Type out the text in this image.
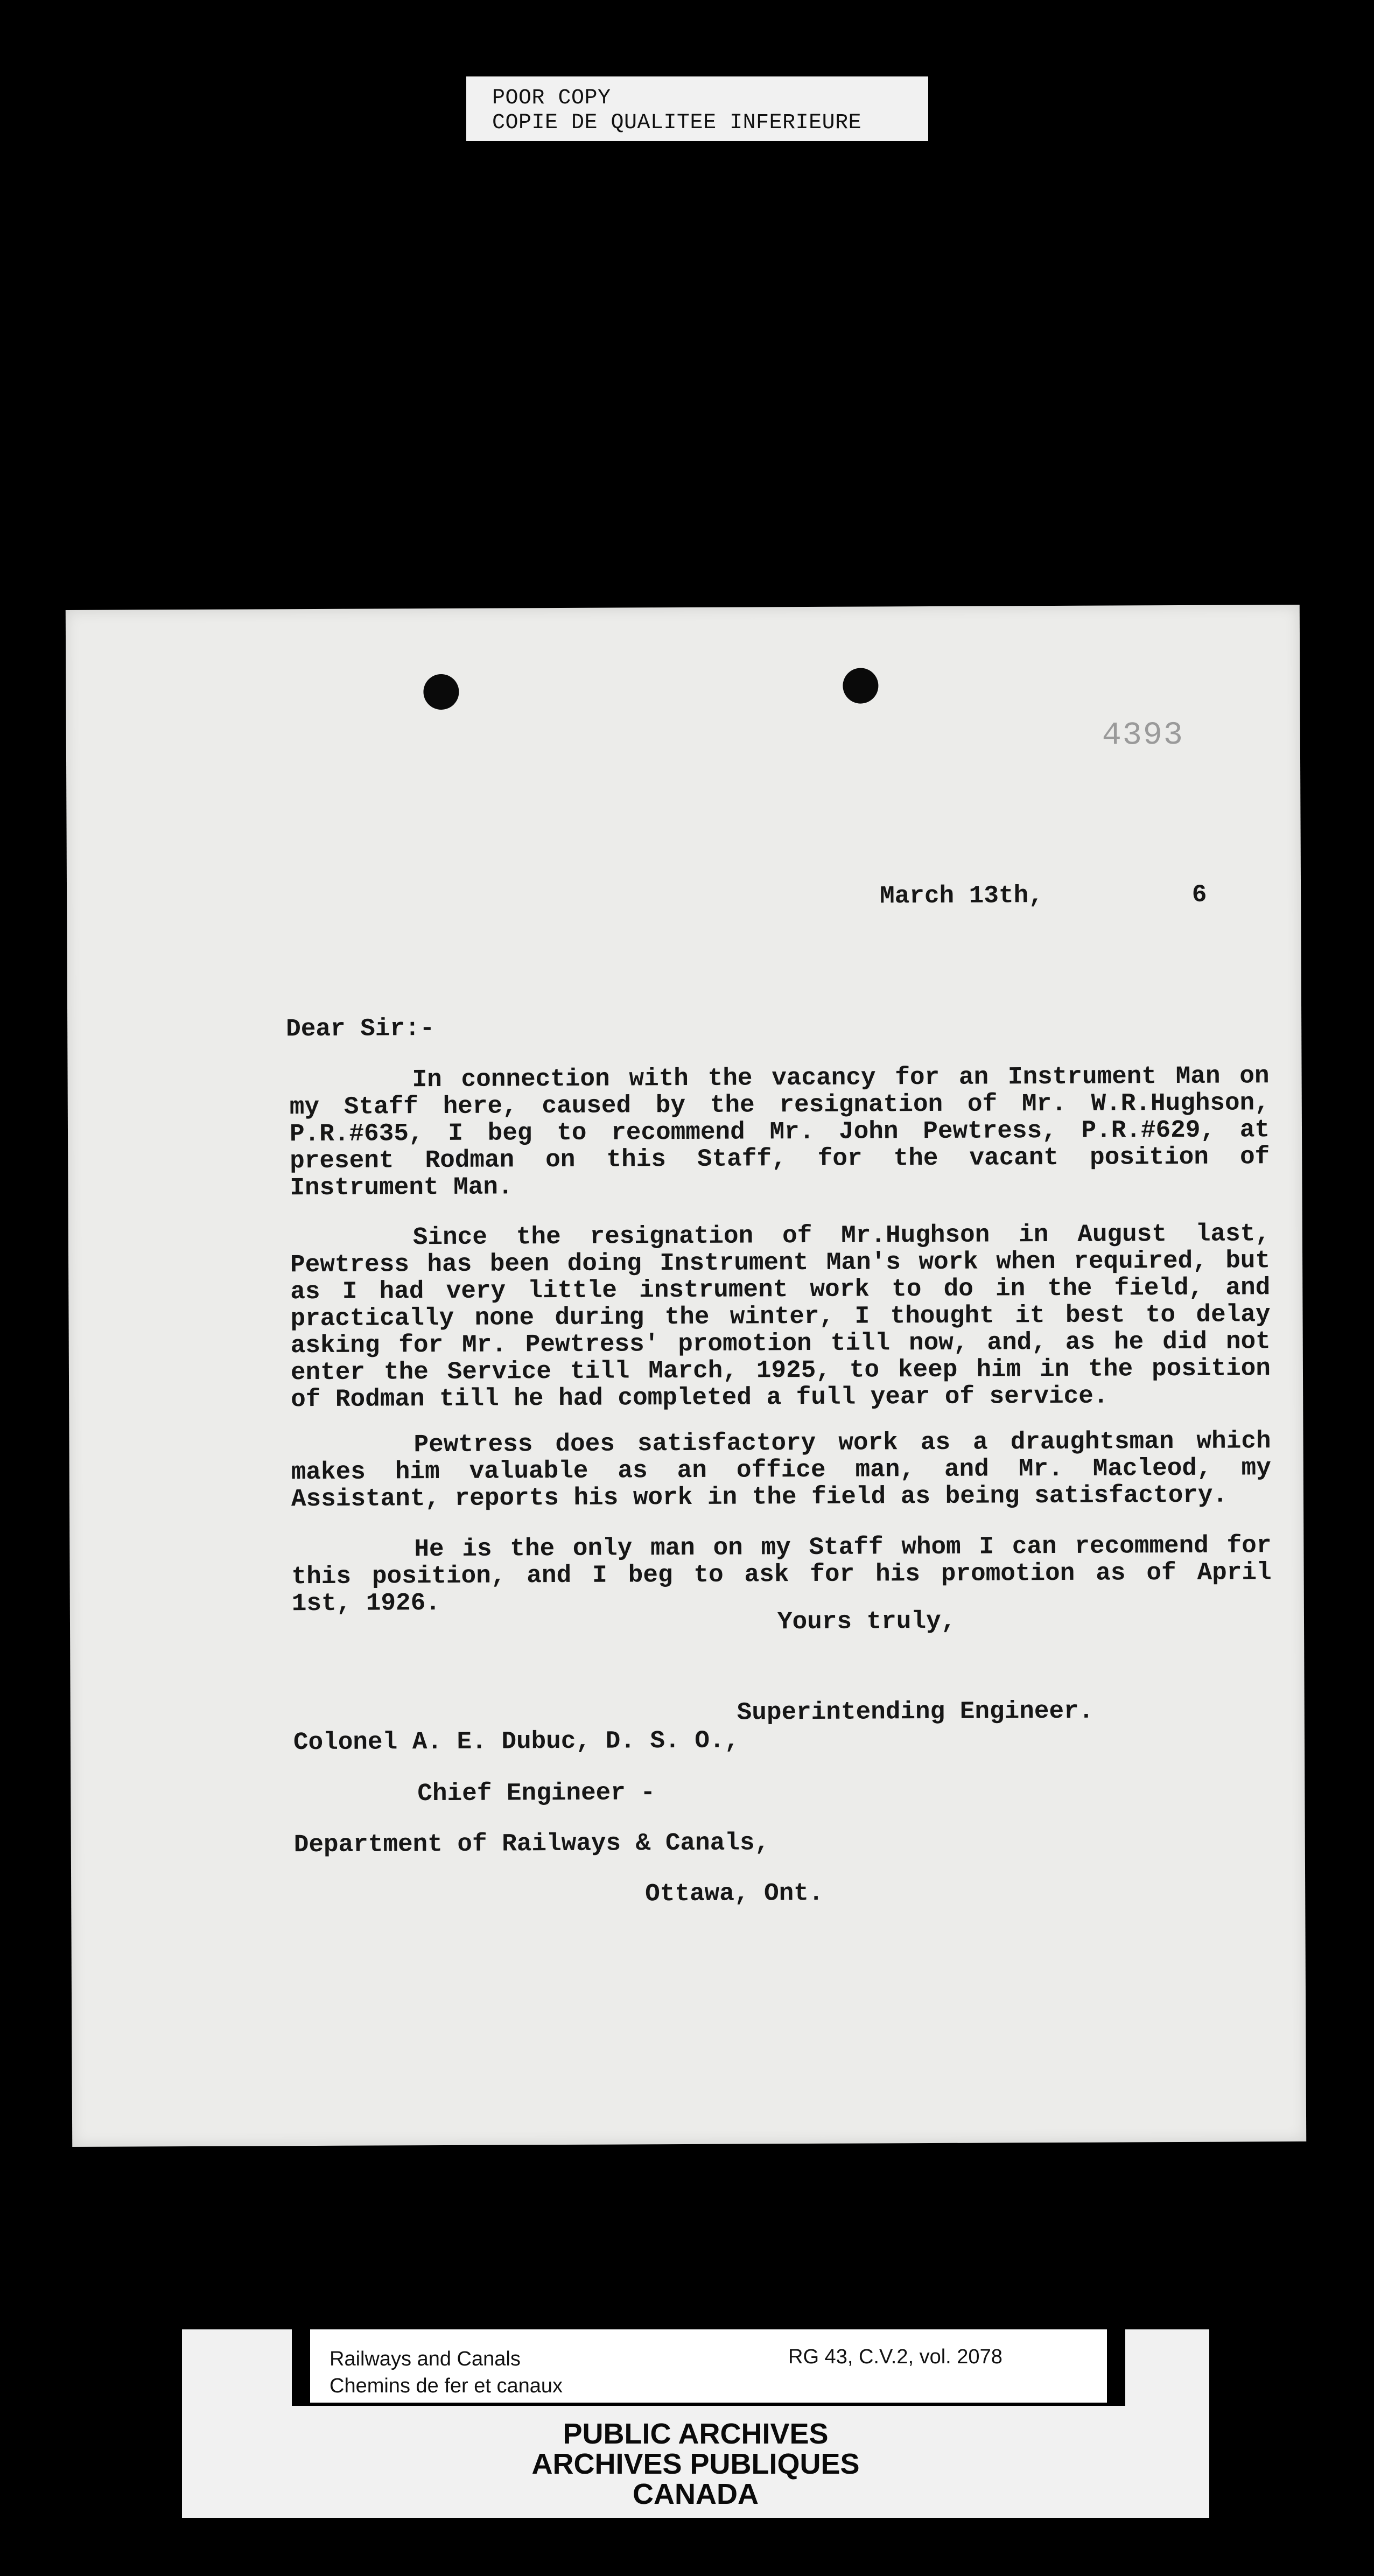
POOR COPY
COPIE DE QUALITEE INFERIEURE
4393
March 13th,          6
Dear Sir:-

In connection with the vacancy for an Instrument Man on my Staff here, caused by the resignation of Mr. W.R.Hughson, P.R.#635, I beg to recommend Mr. John Pewtress, P.R.#629, at present Rodman on this Staff, for the vacant position of Instrument Man.

Since the resignation of Mr.Hughson in August last, Pewtress has been doing Instrument Man's work when required, but as I had very little instrument work to do in the field, and practically none during the winter, I thought it best to delay asking for Mr. Pewtress' promotion till now, and, as he did not enter the Service till March, 1925, to keep him in the position of Rodman till he had completed a full year of service.

Pewtress does satisfactory work as a draughtsman which makes him valuable as an office man, and Mr. Macleod, my Assistant, reports his work in the field as being satisfactory.

He is the only man on my Staff whom I can recommend for this position, and I beg to ask for his promotion as of April 1st, 1926.

Yours truly,
Superintending Engineer.
Colonel A. E. Dubuc, D. S. O.,
Chief Engineer -
Department of Railways & Canals,
Ottawa, Ont.
Railways and Canals
Chemins de fer et canaux
RG 43, C.V.2, vol. 2078
PUBLIC ARCHIVES
ARCHIVES PUBLIQUES
CANADA
